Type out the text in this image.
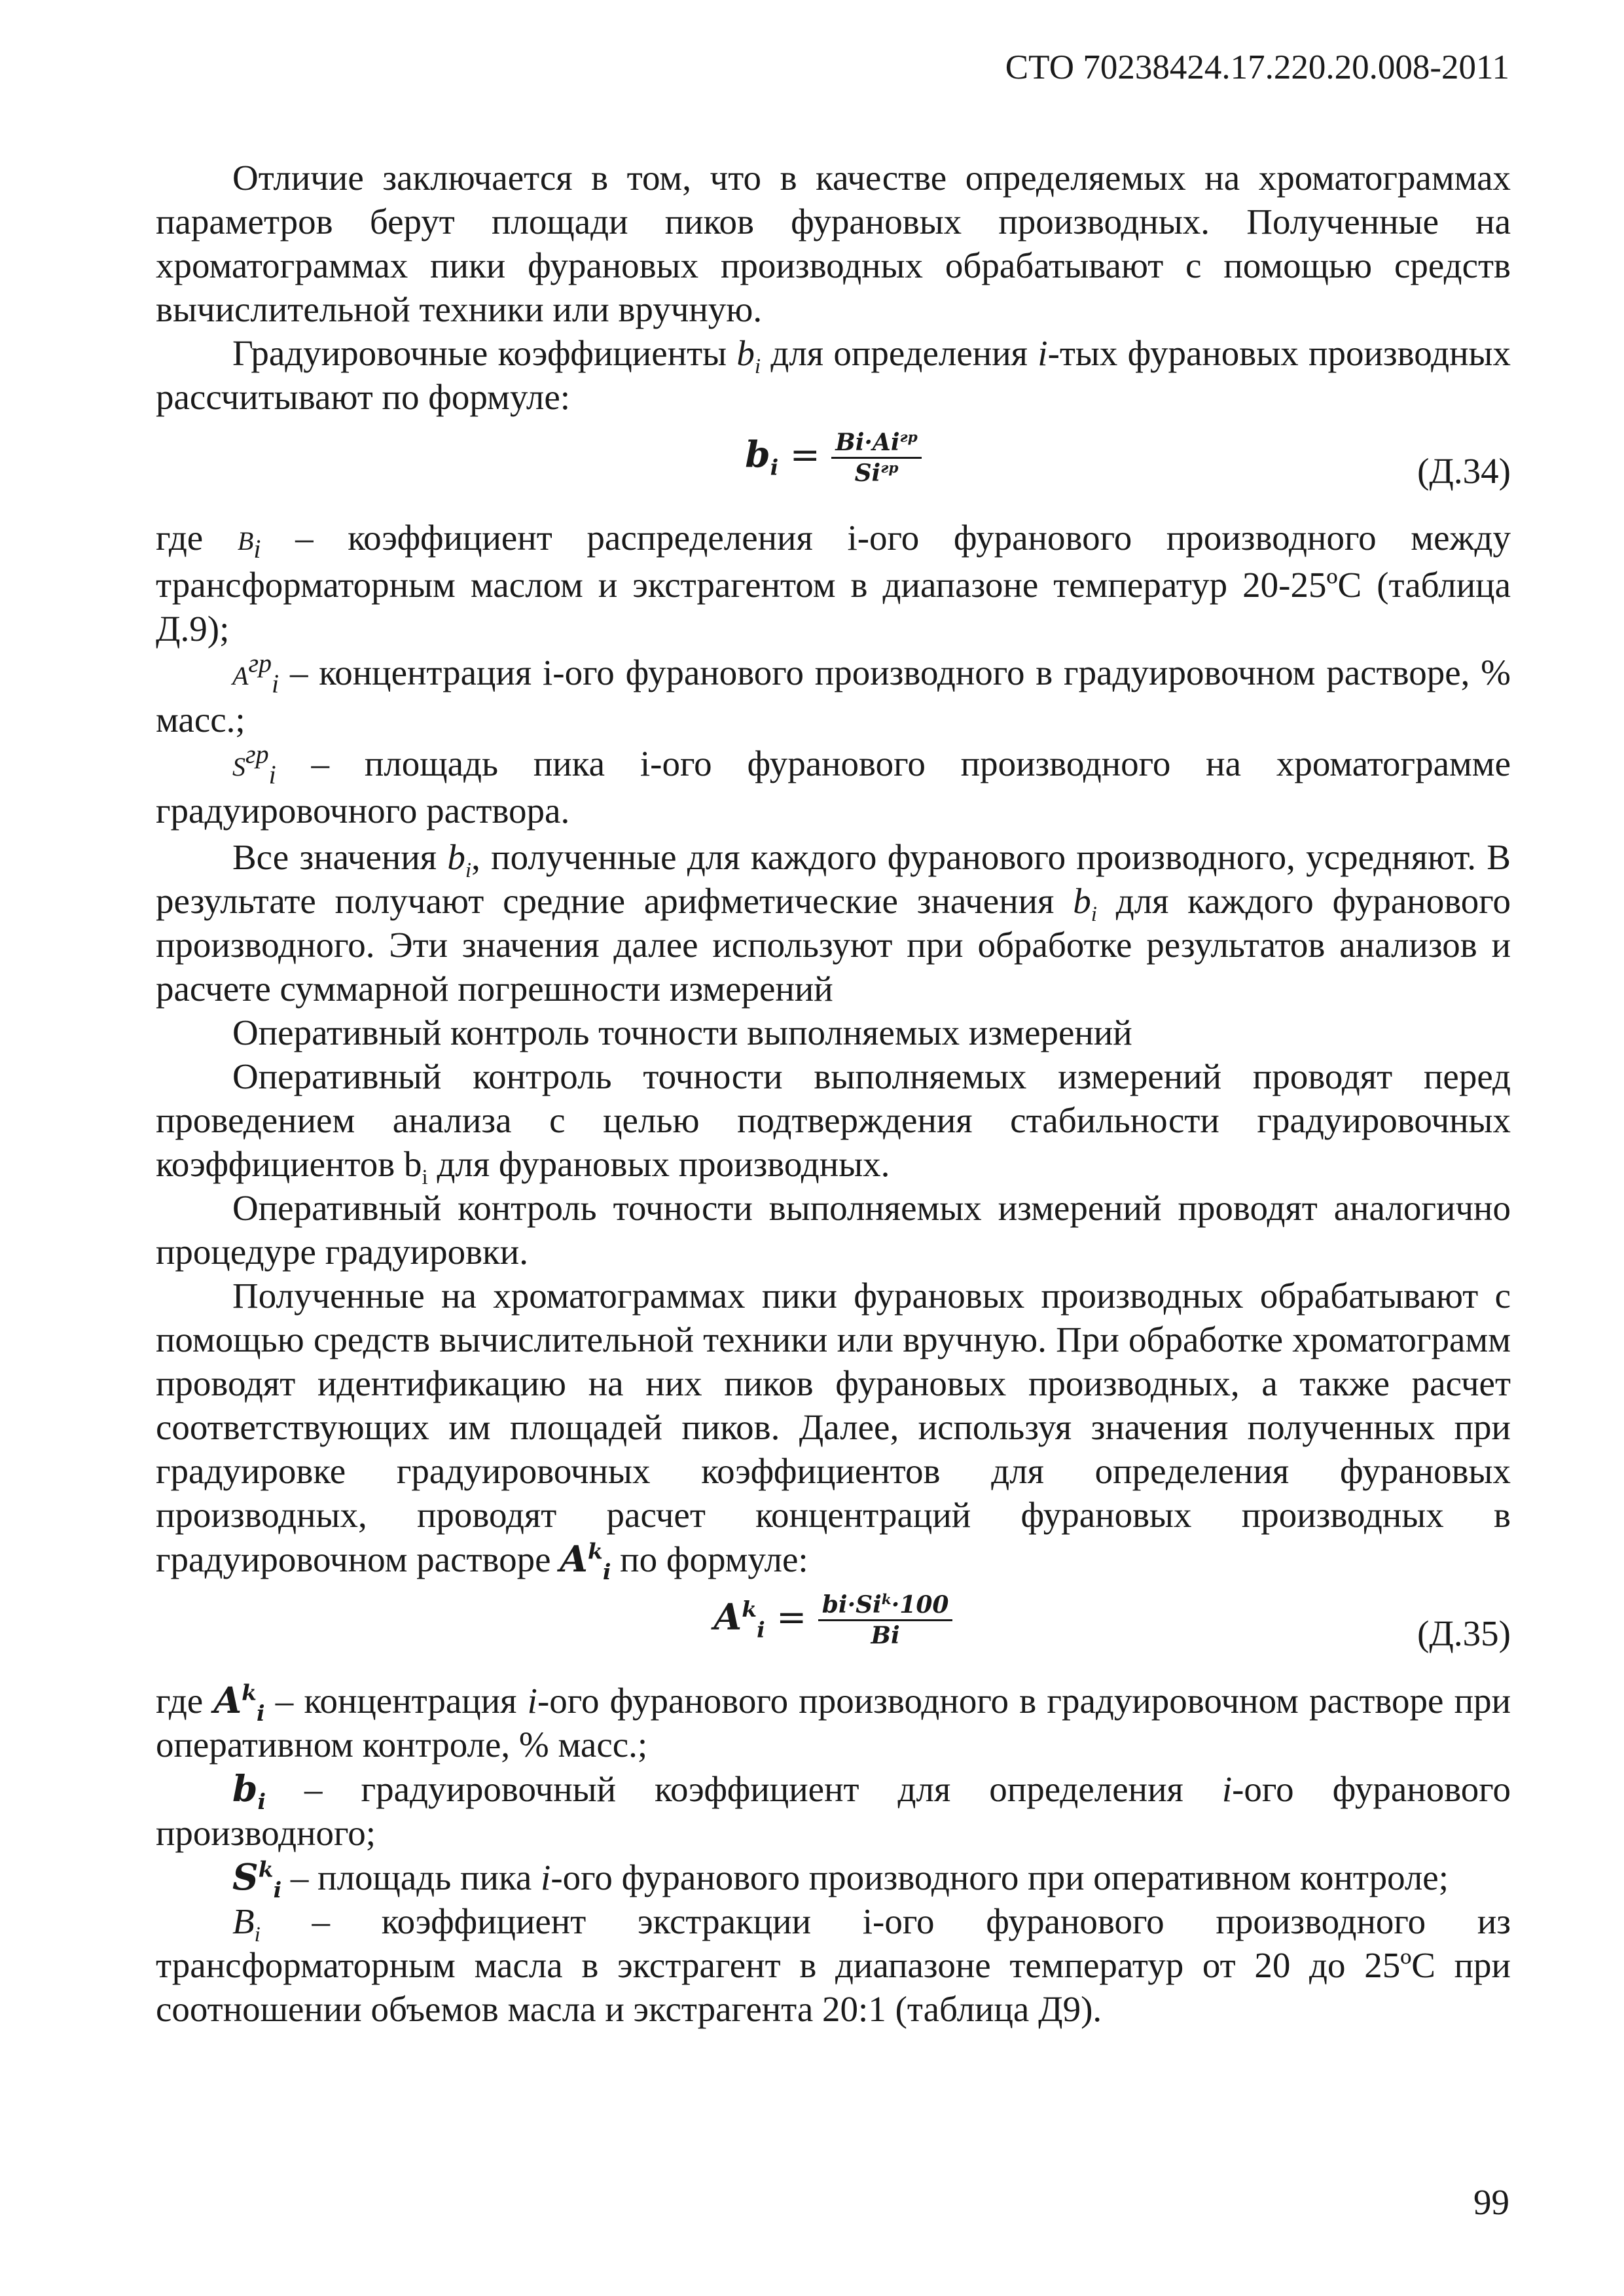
СТО 70238424.17.220.20.008-2011

Отличие заключается в том, что в качестве определяемых на хроматограммах параметров берут площади пиков фурановых производных. Полученные на хроматограммах пики фурановых производных обрабатывают с помощью средств вычислительной техники или вручную.

Градуировочные коэффициенты $b_i$ для определения i-тых фурановых производных рассчитывают по формуле:

$b_i = \frac{Bi\cdot Ai^{гр}}{Si^{гр}}$	(Д.34)

где $B_i$ – коэффициент распределения i-ого фуранового производного между трансформаторным маслом и экстрагентом в диапазоне температур 20-25ºС (таблица Д.9);

$A^{гр}_i$ – концентрация i-ого фуранового производного в градуировочном растворе, % масс.;

$S^{гр}_i$ – площадь пика i-ого фуранового производного на хроматограмме градуировочного раствора.

Все значения $b_i$, полученные для каждого фуранового производного, усредняют. В результате получают средние арифметические значения $b_i$ для каждого фуранового производного. Эти значения далее используют при обработке результатов анализов и расчете суммарной погрешности измерений

Оперативный контроль точности выполняемых измерений

Оперативный контроль точности выполняемых измерений проводят перед проведением анализа с целью подтверждения стабильности градуировочных коэффициентов $b_i$ для фурановых производных.

Оперативный контроль точности выполняемых измерений проводят аналогично процедуре градуировки.

Полученные на хроматограммах пики фурановых производных обрабатывают с помощью средств вычислительной техники или вручную. При обработке хроматограмм проводят идентификацию на них пиков фурановых производных, а также расчет соответствующих им площадей пиков. Далее, используя значения полученных при градуировке градуировочных коэффициентов для определения фурановых производных, проводят расчет концентраций фурановых производных в градуировочном растворе $A^k_i$ по формуле:

$A^k_i = \frac{bi\cdot Si^k\cdot 100}{Bi}$	(Д.35)

где $A^k_i$ – концентрация i-ого фуранового производного в градуировочном растворе при оперативном контроле, % масс.;

$b_i$ – градуировочный коэффициент для определения i-ого фуранового производного;

$S^k_i$ – площадь пика i-ого фуранового производного при оперативном контроле;

$B_i$ – коэффициент экстракции i-ого фуранового производного из трансформаторным масла в экстрагент в диапазоне температур от 20 до 25ºС при соотношении объемов масла и экстрагента 20:1 (таблица Д9).

99
